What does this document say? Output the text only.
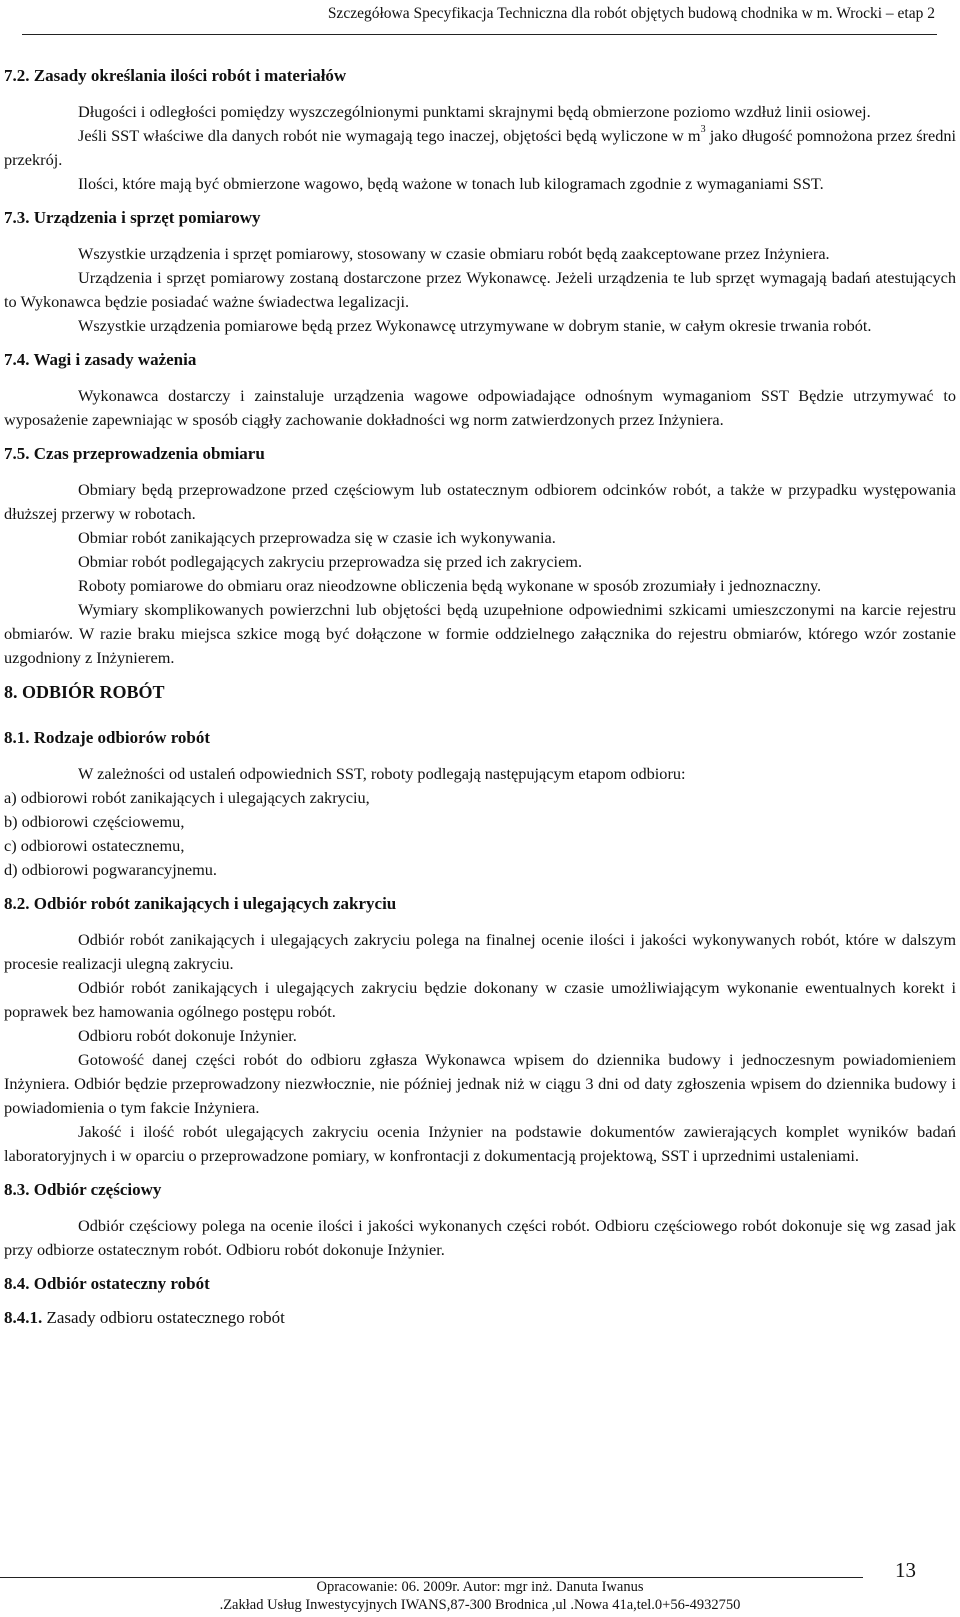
Szczegółowa Specyfikacja Techniczna dla robót objętych budową chodnika w m. Wrocki – etap 2
7.2. Zasady określania ilości robót i materiałów

Długości i odległości pomiędzy wyszczególnionymi punktami skrajnymi będą obmierzone poziomo wzdłuż linii osiowej.

Jeśli SST właściwe dla danych robót nie wymagają tego inaczej, objętości będą wyliczone w $m^3$ jako długość pomnożona przez średni przekrój.

Ilości, które mają być obmierzone wagowo, będą ważone w tonach lub kilogramach zgodnie z wymaganiami SST.

7.3. Urządzenia i sprzęt pomiarowy

Wszystkie urządzenia i sprzęt pomiarowy, stosowany w czasie obmiaru robót będą zaakceptowane przez Inżyniera.

Urządzenia i sprzęt pomiarowy zostaną dostarczone przez Wykonawcę. Jeżeli urządzenia te lub sprzęt wymagają badań atestujących to Wykonawca będzie posiadać ważne świadectwa legalizacji.

Wszystkie urządzenia pomiarowe będą przez Wykonawcę utrzymywane w dobrym stanie, w całym okresie trwania robót.

7.4. Wagi i zasady ważenia

Wykonawca dostarczy i zainstaluje urządzenia wagowe odpowiadające odnośnym wymaganiom SST Będzie utrzymywać to wyposażenie zapewniając w sposób ciągły zachowanie dokładności wg norm zatwierdzonych przez Inżyniera.

7.5. Czas przeprowadzenia obmiaru

Obmiary będą przeprowadzone przed częściowym lub ostatecznym odbiorem odcinków robót, a także w przypadku występowania dłuższej przerwy w robotach.

Obmiar robót zanikających przeprowadza się w czasie ich wykonywania.

Obmiar robót podlegających zakryciu przeprowadza się przed ich zakryciem.

Roboty pomiarowe do obmiaru oraz nieodzowne obliczenia będą wykonane w sposób zrozumiały i jednoznaczny.

Wymiary skomplikowanych powierzchni lub objętości będą uzupełnione odpowiednimi szkicami umieszczonymi na karcie rejestru obmiarów. W razie braku miejsca szkice mogą być dołączone w formie oddzielnego załącznika do rejestru obmiarów, którego wzór zostanie uzgodniony z Inżynierem.

8. ODBIÓR ROBÓT
8.1. Rodzaje odbiorów robót

W zależności od ustaleń odpowiednich SST, roboty podlegają następującym etapom odbioru:

a) odbiorowi robót zanikających i ulegających zakryciu,

b) odbiorowi częściowemu,

c) odbiorowi ostatecznemu,

d) odbiorowi pogwarancyjnemu.

8.2. Odbiór robót zanikających i ulegających zakryciu

Odbiór robót zanikających i ulegających zakryciu polega na finalnej ocenie ilości i jakości wykonywanych robót, które w dalszym procesie realizacji ulegną zakryciu.

Odbiór robót zanikających i ulegających zakryciu będzie dokonany w czasie umożliwiającym wykonanie ewentualnych korekt i poprawek bez hamowania ogólnego postępu robót.

Odbioru robót dokonuje Inżynier.

Gotowość danej części robót do odbioru zgłasza Wykonawca wpisem do dziennika budowy i jednoczesnym powiadomieniem Inżyniera. Odbiór będzie przeprowadzony niezwłocznie, nie później jednak niż w ciągu 3 dni od daty zgłoszenia wpisem do dziennika budowy i powiadomienia o tym fakcie Inżyniera.

Jakość i ilość robót ulegających zakryciu ocenia Inżynier na podstawie dokumentów zawierających komplet wyników badań laboratoryjnych i w oparciu o przeprowadzone pomiary, w konfrontacji z dokumentacją projektową, SST i uprzednimi ustaleniami.

8.3. Odbiór częściowy

Odbiór częściowy polega na ocenie ilości i jakości wykonanych części robót. Odbioru częściowego robót dokonuje się wg zasad jak przy odbiorze ostatecznym robót. Odbioru robót dokonuje Inżynier.

8.4. Odbiór ostateczny robót
8.4.1. Zasady odbioru ostatecznego robót
13
Opracowanie: 06. 2009r. Autor: mgr inż. Danuta Iwanus
.Zakład Usług Inwestycyjnych IWANS,87-300 Brodnica ,ul .Nowa 41a,tel.0+56-4932750
